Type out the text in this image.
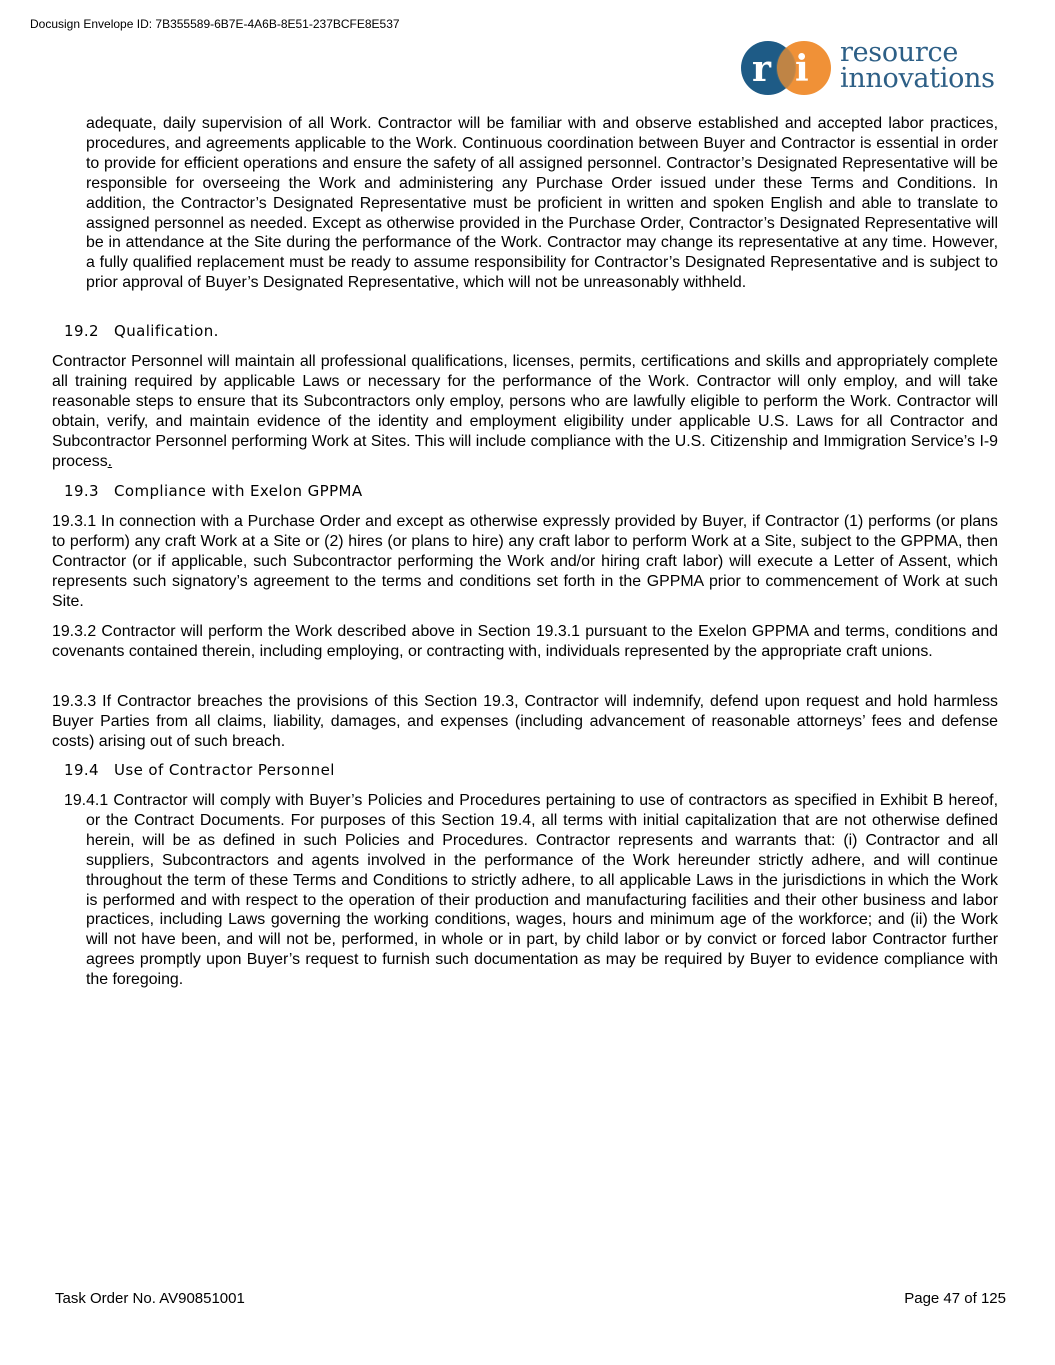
Docusign Envelope ID: 7B355589-6B7E-4A6B-8E51-237BCFE8E537
r i resource
innovations

adequate, daily supervision of all Work. Contractor will be familiar with and observe established and accepted labor practices, procedures, and agreements applicable to the Work. Continuous coordination between Buyer and Contractor is essential in order to provide for efficient operations and ensure the safety of all assigned personnel. Contractor’s Designated Representative will be responsible for overseeing the Work and administering any Purchase Order issued under these Terms and Conditions. In addition, the Contractor’s Designated Representative must be proficient in written and spoken English and able to translate to assigned personnel as needed. Except as otherwise provided in the Purchase Order, Contractor’s Designated Representative will be in attendance at the Site during the performance of the Work. Contractor may change its representative at any time. However, a fully qualified replacement must be ready to assume responsibility for Contractor’s Designated Representative and is subject to prior approval of Buyer’s Designated Representative, which will not be unreasonably withheld.

19.2 Qualification.

Contractor Personnel will maintain all professional qualifications, licenses, permits, certifications and skills and appropriately complete all training required by applicable Laws or necessary for the performance of the Work. Contractor will only employ, and will take reasonable steps to ensure that its Subcontractors only employ, persons who are lawfully eligible to perform the Work. Contractor will obtain, verify, and maintain evidence of the identity and employment eligibility under applicable U.S. Laws for all Contractor and Subcontractor Personnel performing Work at Sites. This will include compliance with the U.S. Citizenship and Immigration Service’s I-9 process.

19.3 Compliance with Exelon GPPMA

19.3.1 In connection with a Purchase Order and except as otherwise expressly provided by Buyer, if Contractor (1) performs (or plans to perform) any craft Work at a Site or (2) hires (or plans to hire) any craft labor to perform Work at a Site, subject to the GPPMA, then Contractor (or if applicable, such Subcontractor performing the Work and/or hiring craft labor) will execute a Letter of Assent, which represents such signatory’s agreement to the terms and conditions set forth in the GPPMA prior to commencement of Work at such Site.

19.3.2 Contractor will perform the Work described above in Section 19.3.1 pursuant to the Exelon GPPMA and terms, conditions and covenants contained therein, including employing, or contracting with, individuals represented by the appropriate craft unions.

19.3.3 If Contractor breaches the provisions of this Section 19.3, Contractor will indemnify, defend upon request and hold harmless Buyer Parties from all claims, liability, damages, and expenses (including advancement of reasonable attorneys’ fees and defense costs) arising out of such breach.

19.4 Use of Contractor Personnel

19.4.1 Contractor will comply with Buyer’s Policies and Procedures pertaining to use of contractors as specified in Exhibit B hereof, or the Contract Documents. For purposes of this Section 19.4, all terms with initial capitalization that are not otherwise defined herein, will be as defined in such Policies and Procedures. Contractor represents and warrants that: (i) Contractor and all suppliers, Subcontractors and agents involved in the performance of the Work hereunder strictly adhere, and will continue throughout the term of these Terms and Conditions to strictly adhere, to all applicable Laws in the jurisdictions in which the Work is performed and with respect to the operation of their production and manufacturing facilities and their other business and labor practices, including Laws governing the working conditions, wages, hours and minimum age of the workforce; and (ii) the Work will not have been, and will not be, performed, in whole or in part, by child labor or by convict or forced labor Contractor further agrees promptly upon Buyer’s request to furnish such documentation as may be required by Buyer to evidence compliance with the foregoing.

Task Order No. AV90851001	Page 47 of 125
